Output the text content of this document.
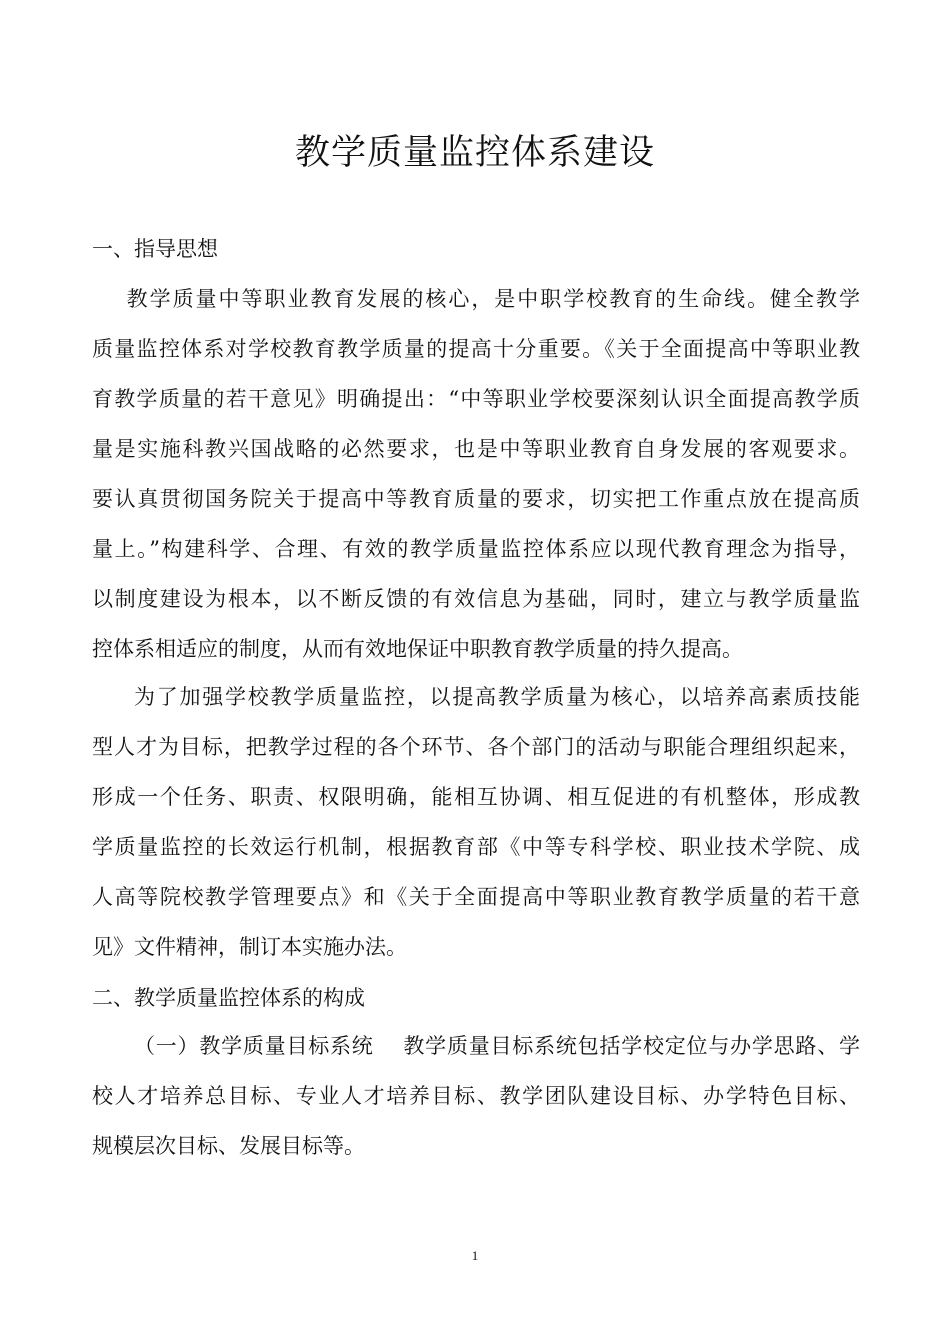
教学质量监控体系建设
一、指导思想

教学质量中等职业教育发展的核心，是中职学校教育的生命线。健全教学
质量监控体系对学校教育教学质量的提高十分重要。《关于全面提高中等职业教
育教学质量的若干意见》明确提出：“中等职业学校要深刻认识全面提高教学质
量是实施科教兴国战略的必然要求，也是中等职业教育自身发展的客观要求。
要认真贯彻国务院关于提高中等教育质量的要求，切实把工作重点放在提高质
量上。”构建科学、合理、有效的教学质量监控体系应以现代教育理念为指导，
以制度建设为根本，以不断反馈的有效信息为基础，同时，建立与教学质量监
控体系相适应的制度，从而有效地保证中职教育教学质量的持久提高。

为了加强学校教学质量监控，以提高教学质量为核心，以培养高素质技能
型人才为目标，把教学过程的各个环节、各个部门的活动与职能合理组织起来，
形成一个任务、职责、权限明确，能相互协调、相互促进的有机整体，形成教
学质量监控的长效运行机制，根据教育部《中等专科学校、职业技术学院、成
人高等院校教学管理要点》和《关于全面提高中等职业教育教学质量的若干意
见》文件精神，制订本实施办法。

二、教学质量监控体系的构成

（一）教学质量目标系统    教学质量目标系统包括学校定位与办学思路、学
校人才培养总目标、专业人才培养目标、教学团队建设目标、办学特色目标、
规模层次目标、发展目标等。

1
